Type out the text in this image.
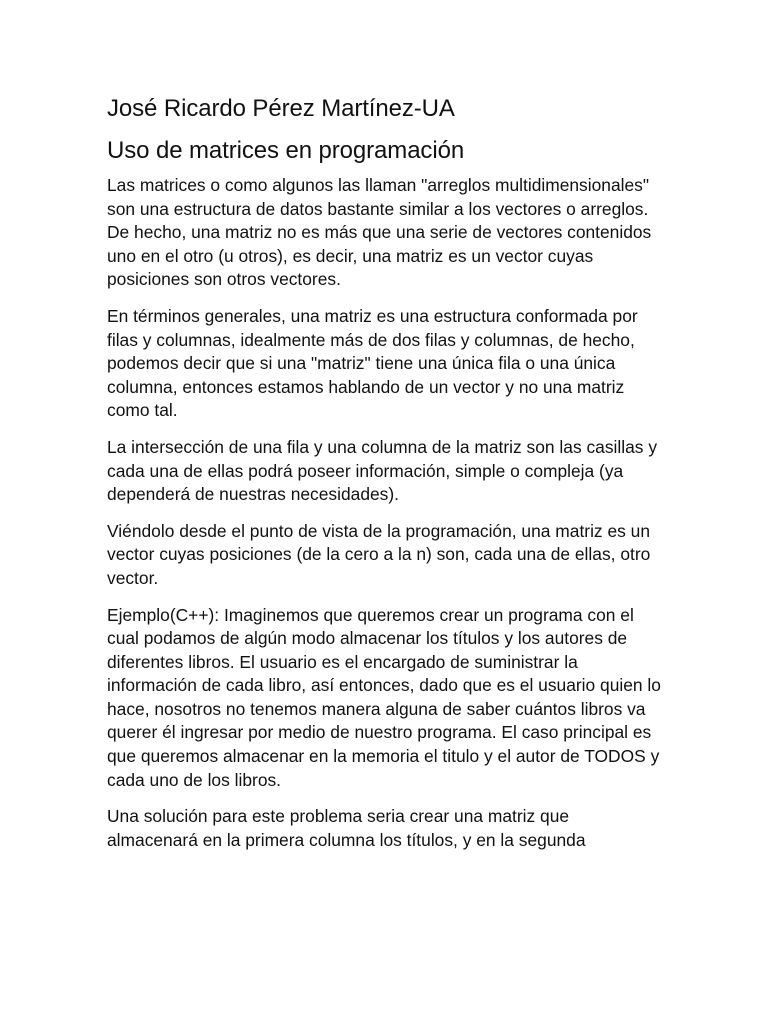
José Ricardo Pérez Martínez-UA
Uso de matrices en programación

Las matrices o como algunos las llaman "arreglos multidimensionales" son una estructura de datos bastante similar a los vectores o arreglos. De hecho, una matriz no es más que una serie de vectores contenidos uno en el otro (u otros), es decir, una matriz es un vector cuyas posiciones son otros vectores.

En términos generales, una matriz es una estructura conformada por filas y columnas, idealmente más de dos filas y columnas, de hecho, podemos decir que si una "matriz" tiene una única fila o una única columna, entonces estamos hablando de un vector y no una matriz como tal.

La intersección de una fila y una columna de la matriz son las casillas y cada una de ellas podrá poseer información, simple o compleja (ya dependerá de nuestras necesidades).

Viéndolo desde el punto de vista de la programación, una matriz es un vector cuyas posiciones (de la cero a la n) son, cada una de ellas, otro vector.

Ejemplo(C++): Imaginemos que queremos crear un programa con el cual podamos de algún modo almacenar los títulos y los autores de diferentes libros. El usuario es el encargado de suministrar la información de cada libro, así entonces, dado que es el usuario quien lo hace, nosotros no tenemos manera alguna de saber cuántos libros va querer él ingresar por medio de nuestro programa. El caso principal es que queremos almacenar en la memoria el titulo y el autor de TODOS y cada uno de los libros.

Una solución para este problema seria crear una matriz que almacenará en la primera columna los títulos, y en la segunda
